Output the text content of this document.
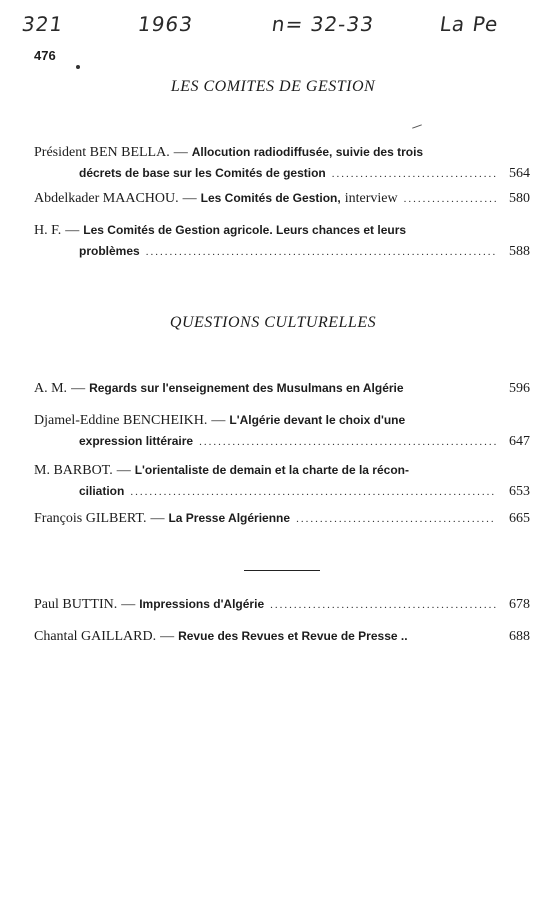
321	1963	n= 32-33	La Pe
476
LES COMITES DE GESTION
Président BEN BELLA. — Allocution radiodiffusée, suivie des trois
décrets de base sur les Comités de gestion .....	564
Abdelkader MAACHOU. — Les Comités de Gestion, interview .....	580
H. F. — Les Comités de Gestion agricole. Leurs chances et leurs
problèmes .....	588
QUESTIONS CULTURELLES
A. M. — Regards sur l'enseignement des Musulmans en Algérie	596
Djamel-Eddine BENCHEIKH. — L'Algérie devant le choix d'une
expression littéraire .....	647
M. BARBOT. — L'orientaliste de demain et la charte de la récon-
ciliation .....	653
François GILBERT. — La Presse Algérienne .....	665
Paul BUTTIN. — Impressions d'Algérie .....	678
Chantal GAILLARD. — Revue des Revues et Revue de Presse ..	688
